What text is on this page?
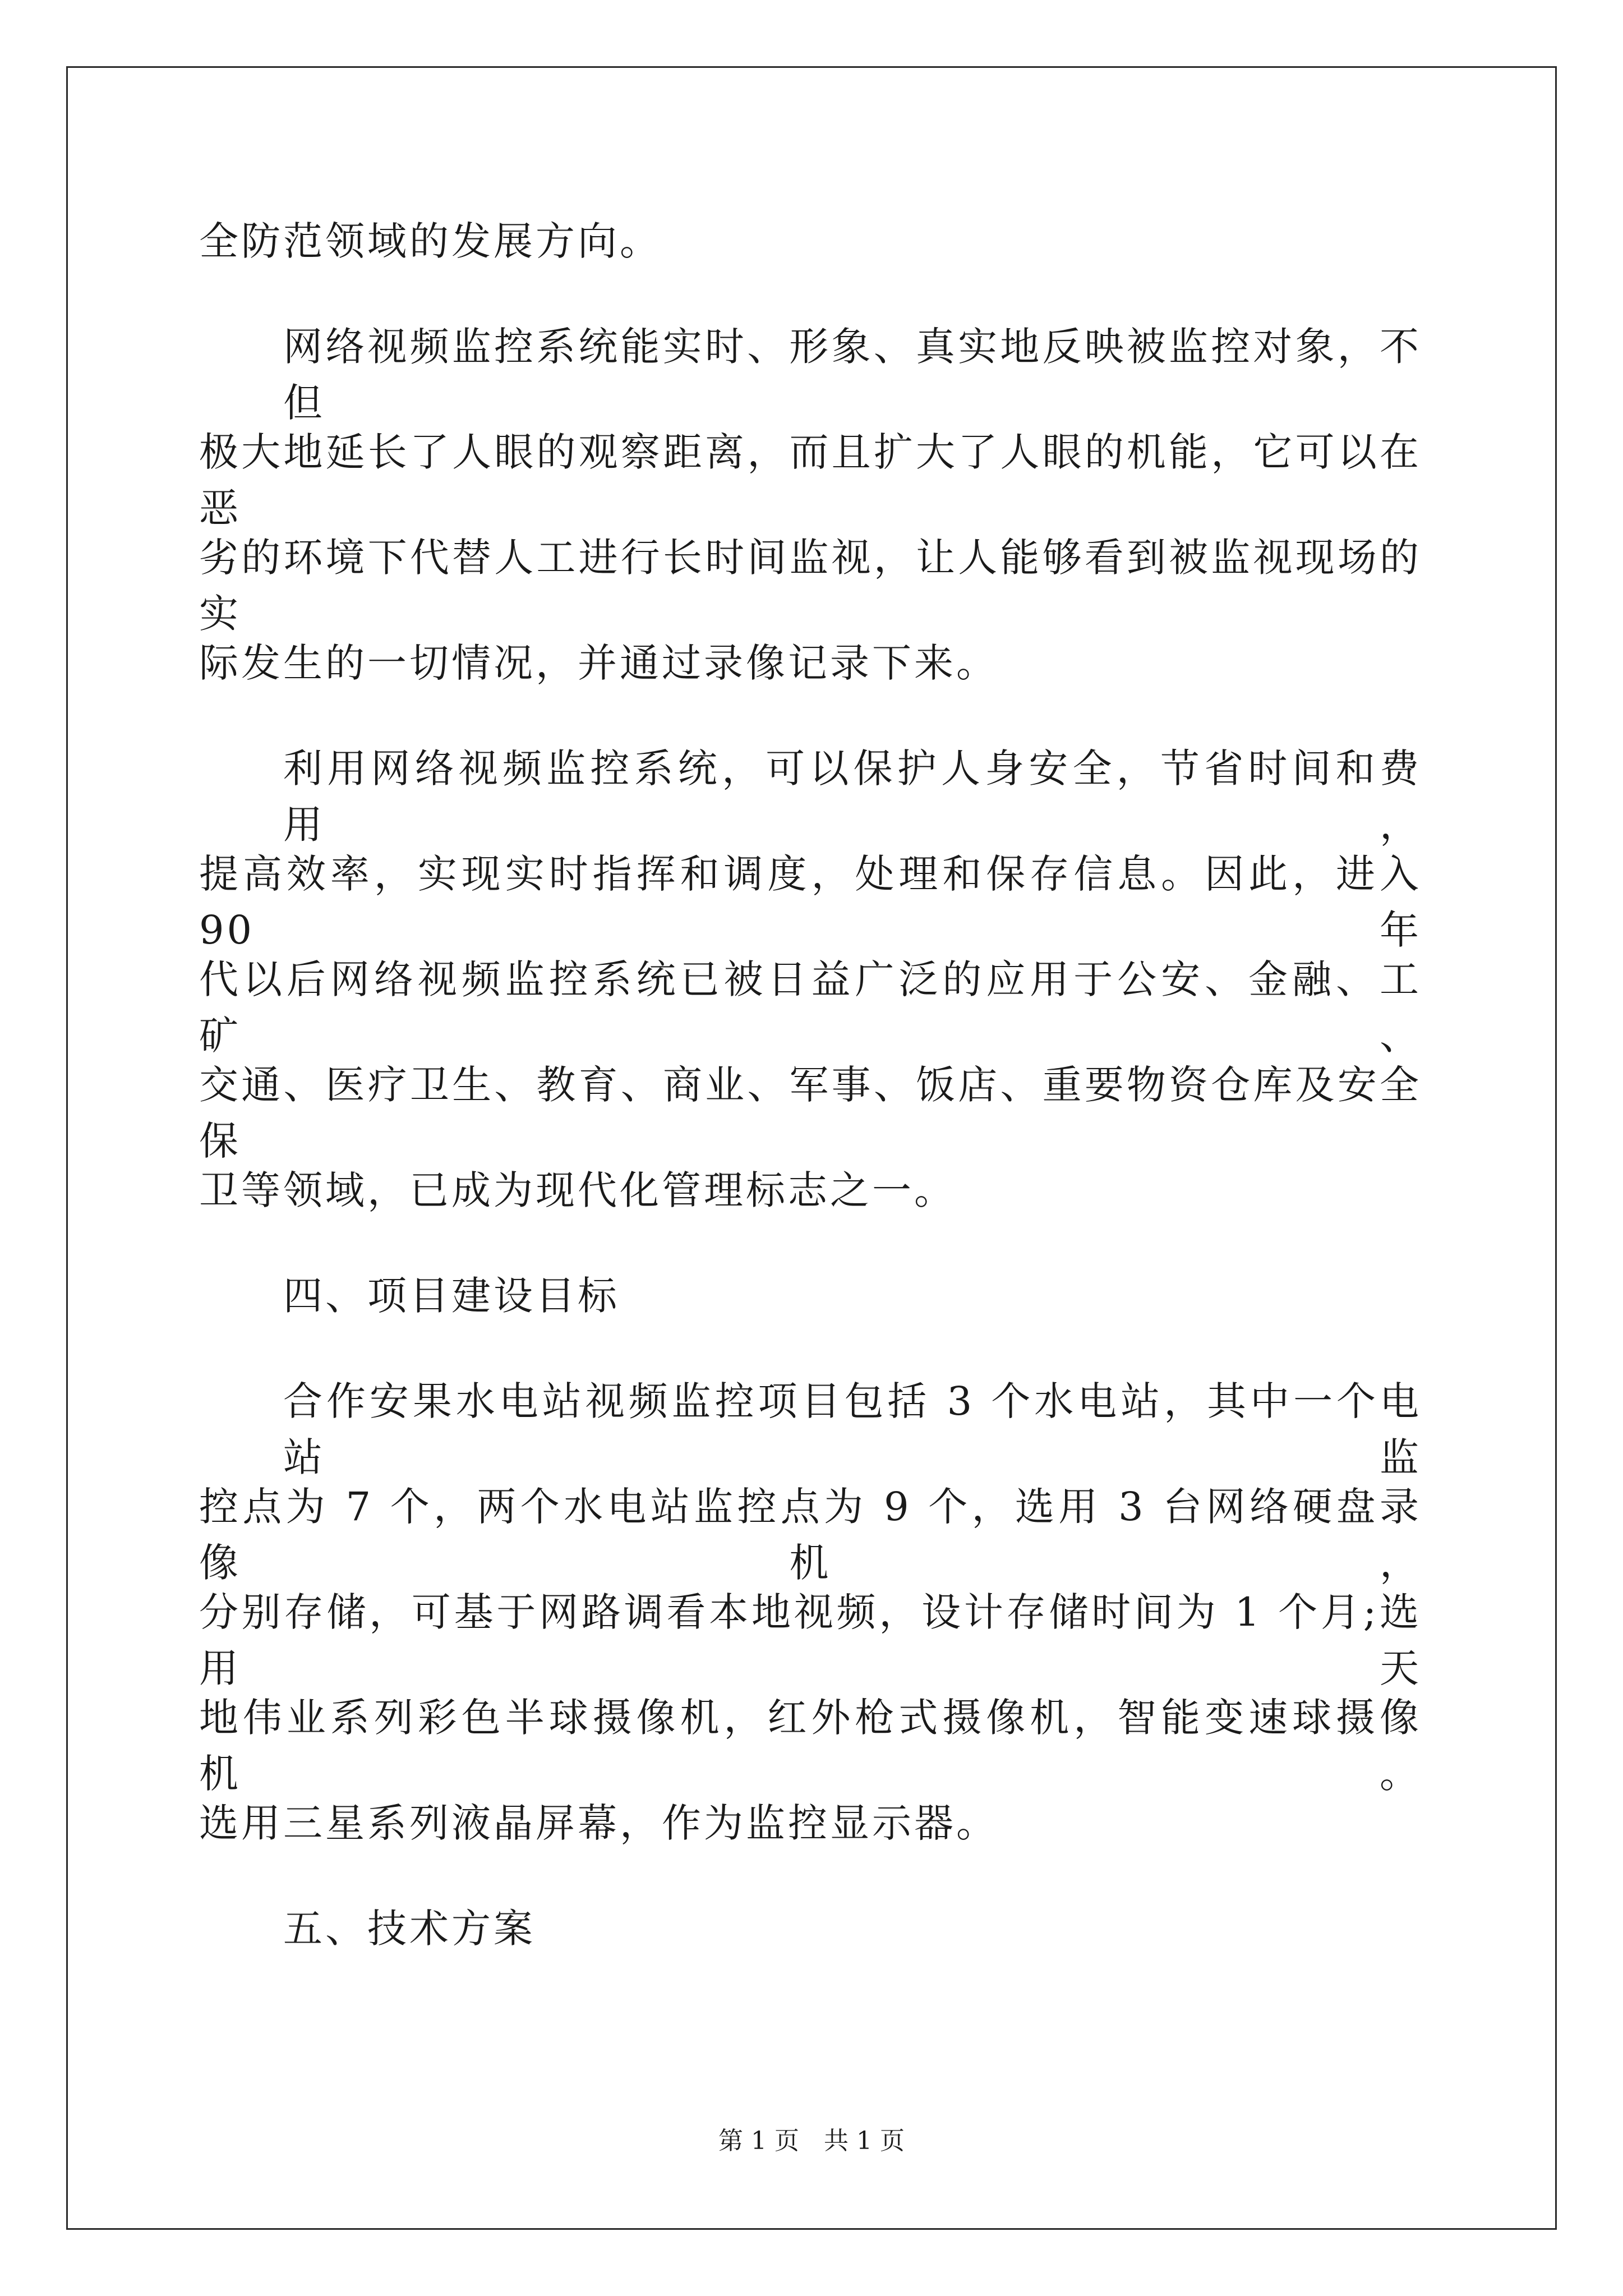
全防范领域的发展方向。
网络视频监控系统能实时、形象、真实地反映被监控对象，不但
极大地延长了人眼的观察距离，而且扩大了人眼的机能，它可以在恶
劣的环境下代替人工进行长时间监视，让人能够看到被监视现场的实
际发生的一切情况，并通过录像记录下来。
利用网络视频监控系统，可以保护人身安全，节省时间和费用，
提高效率，实现实时指挥和调度，处理和保存信息。因此，进入 90 年
代以后网络视频监控系统已被日益广泛的应用于公安、金融、工矿、
交通、医疗卫生、教育、商业、军事、饭店、重要物资仓库及安全保
卫等领域，已成为现代化管理标志之一。
四、项目建设目标
合作安果水电站视频监控项目包括 3 个水电站，其中一个电站监
控点为 7 个，两个水电站监控点为 9 个，选用 3 台网络硬盘录像机，
分别存储，可基于网路调看本地视频，设计存储时间为 1 个月;选用天
地伟业系列彩色半球摄像机，红外枪式摄像机，智能变速球摄像机。
选用三星系列液晶屏幕，作为监控显示器。
五、技术方案
第 1 页　共 1 页
